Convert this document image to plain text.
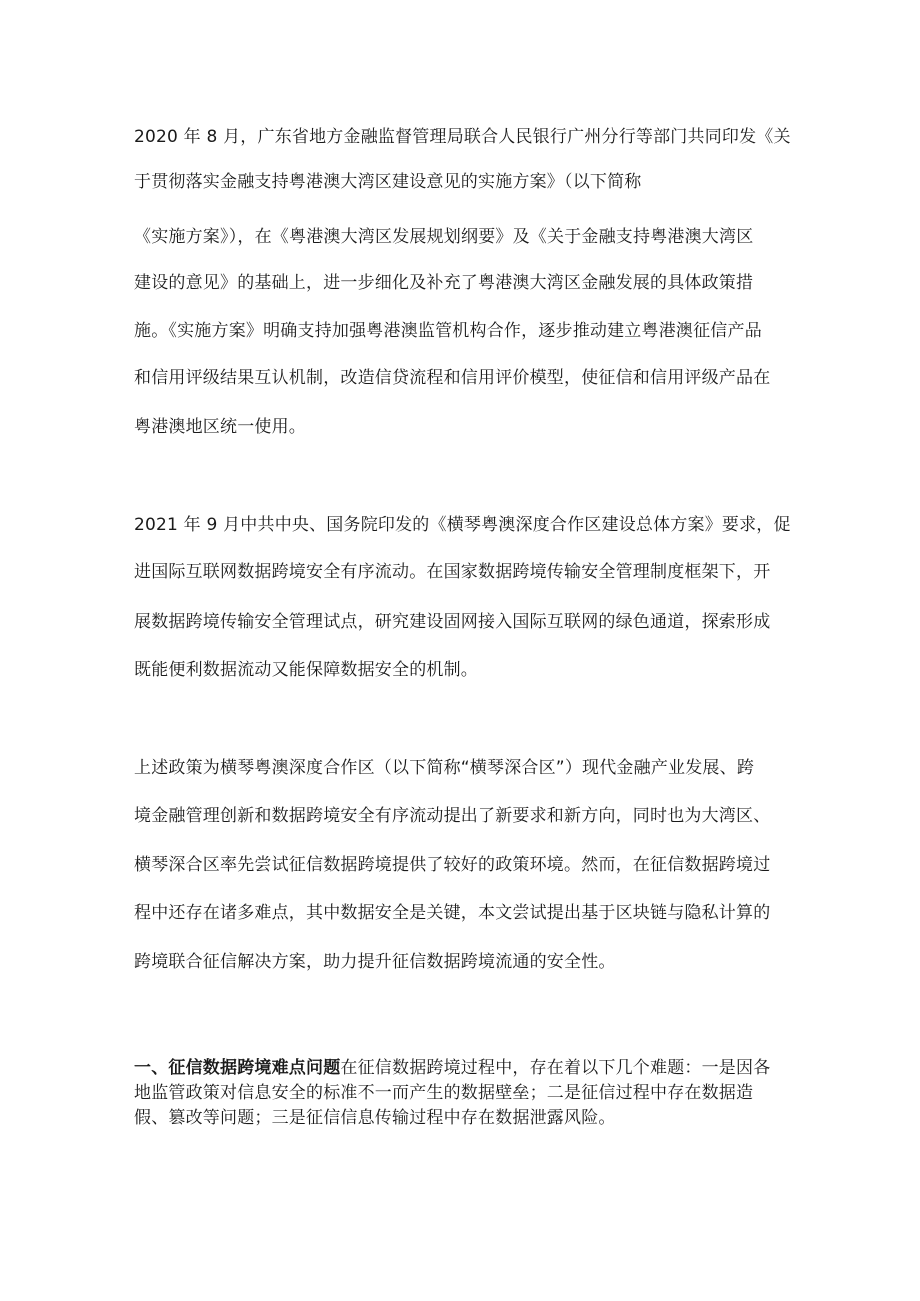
2020 年 8 月，广东省地方金融监督管理局联合人民银行广州分行等部门共同印发《关
于贯彻落实金融支持粤港澳大湾区建设意见的实施方案》（以下简称
《实施方案》），在《粤港澳大湾区发展规划纲要》及《关于金融支持粤港澳大湾区
建设的意见》的基础上，进一步细化及补充了粤港澳大湾区金融发展的具体政策措
施。《实施方案》明确支持加强粤港澳监管机构合作，逐步推动建立粤港澳征信产品
和信用评级结果互认机制，改造信贷流程和信用评价模型，使征信和信用评级产品在
粤港澳地区统一使用。
2021 年 9 月中共中央、国务院印发的《横琴粤澳深度合作区建设总体方案》要求，促
进国际互联网数据跨境安全有序流动。在国家数据跨境传输安全管理制度框架下，开
展数据跨境传输安全管理试点，研究建设固网接入国际互联网的绿色通道，探索形成
既能便利数据流动又能保障数据安全的机制。
上述政策为横琴粤澳深度合作区（以下简称“横琴深合区”）现代金融产业发展、跨
境金融管理创新和数据跨境安全有序流动提出了新要求和新方向，同时也为大湾区、
横琴深合区率先尝试征信数据跨境提供了较好的政策环境。然而，在征信数据跨境过
程中还存在诸多难点，其中数据安全是关键，本文尝试提出基于区块链与隐私计算的
跨境联合征信解决方案，助力提升征信数据跨境流通的安全性。
一、征信数据跨境难点问题在征信数据跨境过程中，存在着以下几个难题：一是因各
地监管政策对信息安全的标准不一而产生的数据壁垒；二是征信过程中存在数据造
假、篡改等问题；三是征信信息传输过程中存在数据泄露风险。
